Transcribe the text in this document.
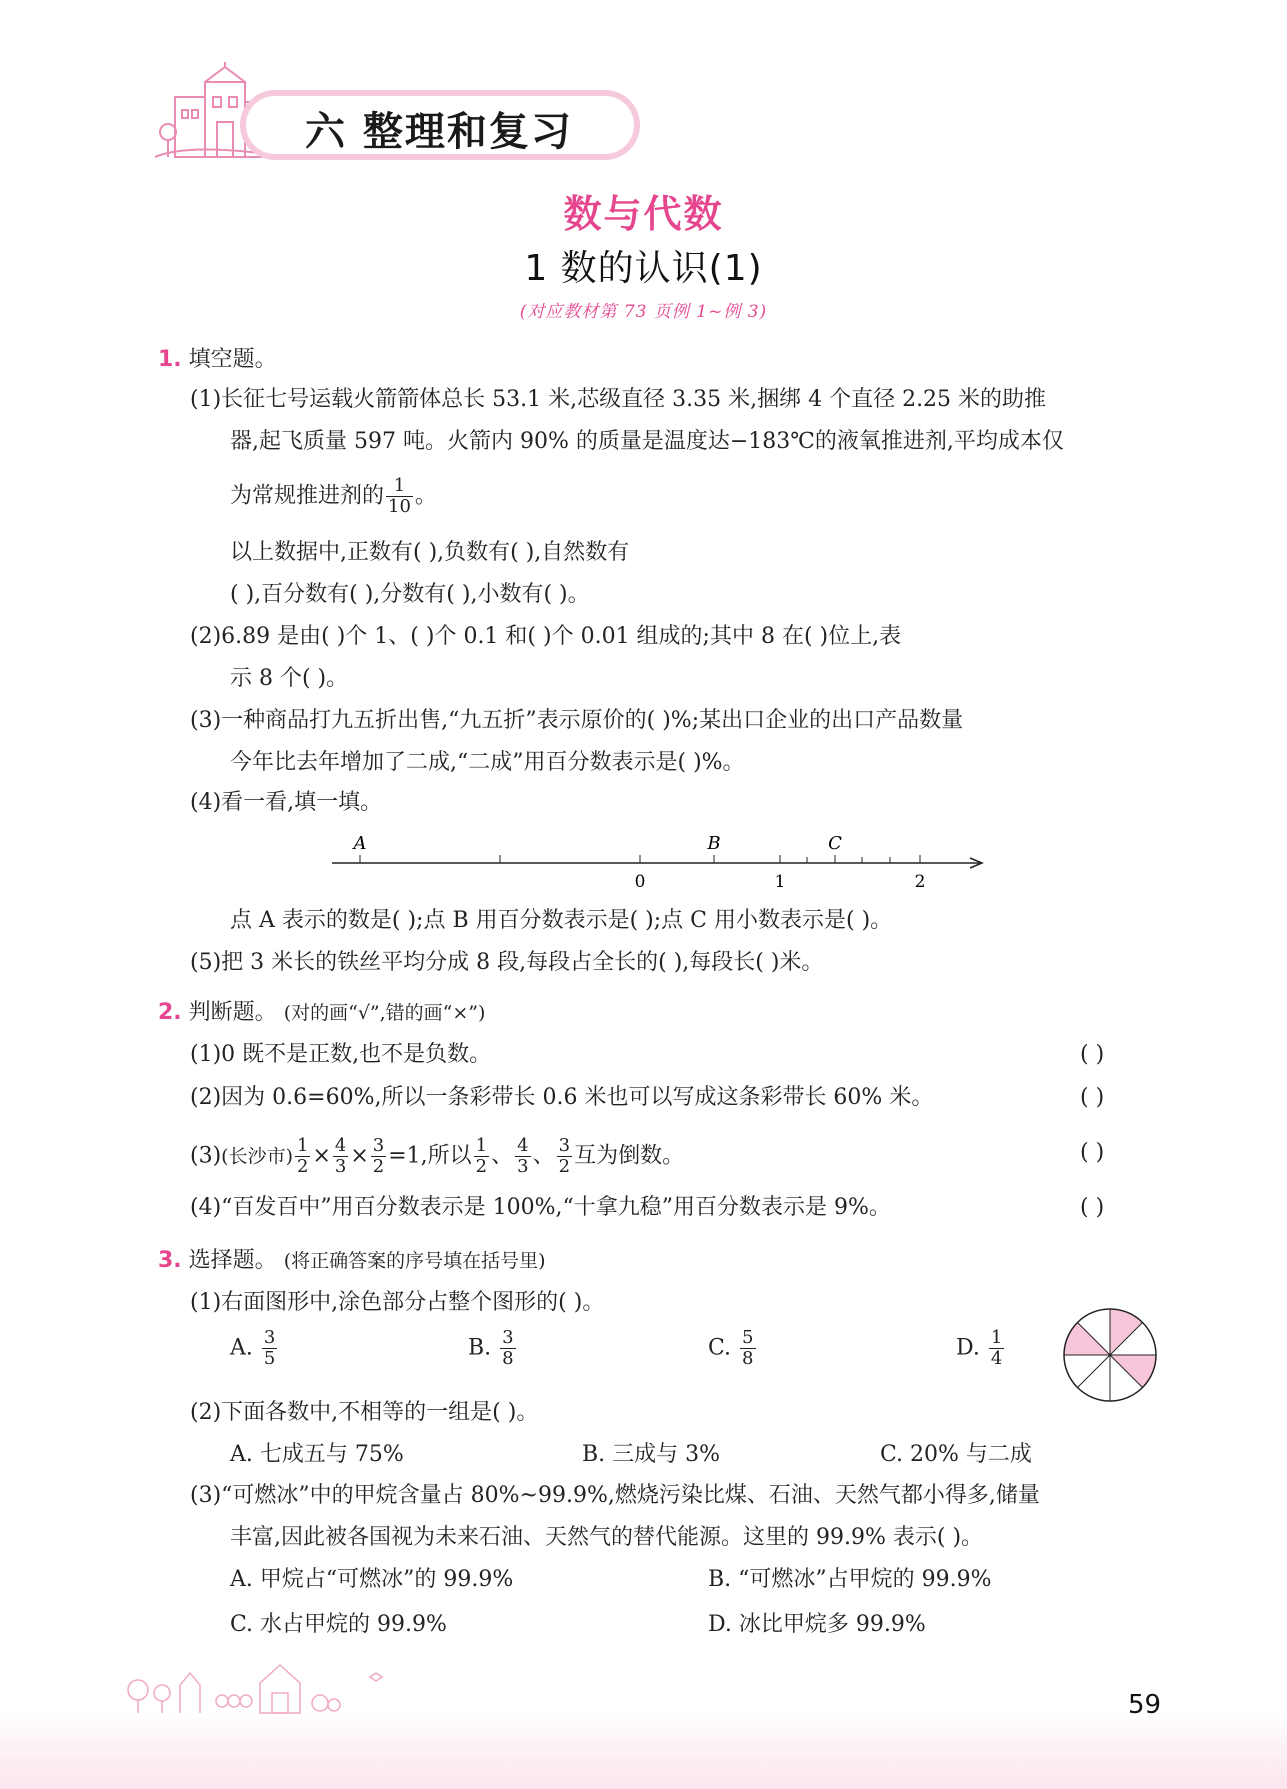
六 整理和复习
数与代数
1 数的认识(1)
(对应教材第 73 页例 1~例 3)
1. 填空题。
(1)长征七号运载火箭箭体总长 53.1 米,芯级直径 3.35 米,捆绑 4 个直径 2.25 米的助推
器,起飞质量 597 吨。火箭内 90% 的质量是温度达−183℃的液氧推进剂,平均成本仅
为常规推进剂的 $\frac{1}{10}$ 。
以上数据中,正数有( ),负数有( ),自然数有
( ),百分数有( ),分数有( ),小数有( )。
(2)6.89 是由( )个 1、( )个 0.1 和( )个 0.01 组成的;其中 8 在( )位上,表
示 8 个( )。
(3)一种商品打九五折出售,“九五折”表示原价的( )%;某出口企业的出口产品数量
今年比去年增加了二成,“二成”用百分数表示是( )%。
(4)看一看,填一填。
A	B	C
0	1	2
点 A 表示的数是( );点 B 用百分数表示是( );点 C 用小数表示是( )。
(5)把 3 米长的铁丝平均分成 8 段,每段占全长的( ),每段长( )米。
2. 判断题。 (对的画“√”,错的画“×”)
(1)0 既不是正数,也不是负数。	( )
(2)因为 0.6=60%,所以一条彩带长 0.6 米也可以写成这条彩带长 60% 米。	( )
(3)(长沙市) $\frac{1}{2} \times \frac{4}{3} \times \frac{3}{2} =1$,所以 $\frac{1}{2}$ 、 $\frac{4}{3}$ 、 $\frac{3}{2}$ 互为倒数。	( )
(4)“百发百中”用百分数表示是 100%,“十拿九稳”用百分数表示是 9%。	( )
3. 选择题。 (将正确答案的序号填在括号里)
(1)右面图形中,涂色部分占整个图形的( )。
A. $\frac{3}{5}$	B. $\frac{3}{8}$	C. $\frac{5}{8}$	D. $\frac{1}{4}$
(2)下面各数中,不相等的一组是( )。
A. 七成五与 75%	B. 三成与 3%	C. 20% 与二成
(3)“可燃冰”中的甲烷含量占 80%~99.9%,燃烧污染比煤、石油、天然气都小得多,储量
丰富,因此被各国视为未来石油、天然气的替代能源。这里的 99.9% 表示( )。
A. 甲烷占“可燃冰”的 99.9%	B. “可燃冰”占甲烷的 99.9%
C. 水占甲烷的 99.9%	D. 冰比甲烷多 99.9%
59
